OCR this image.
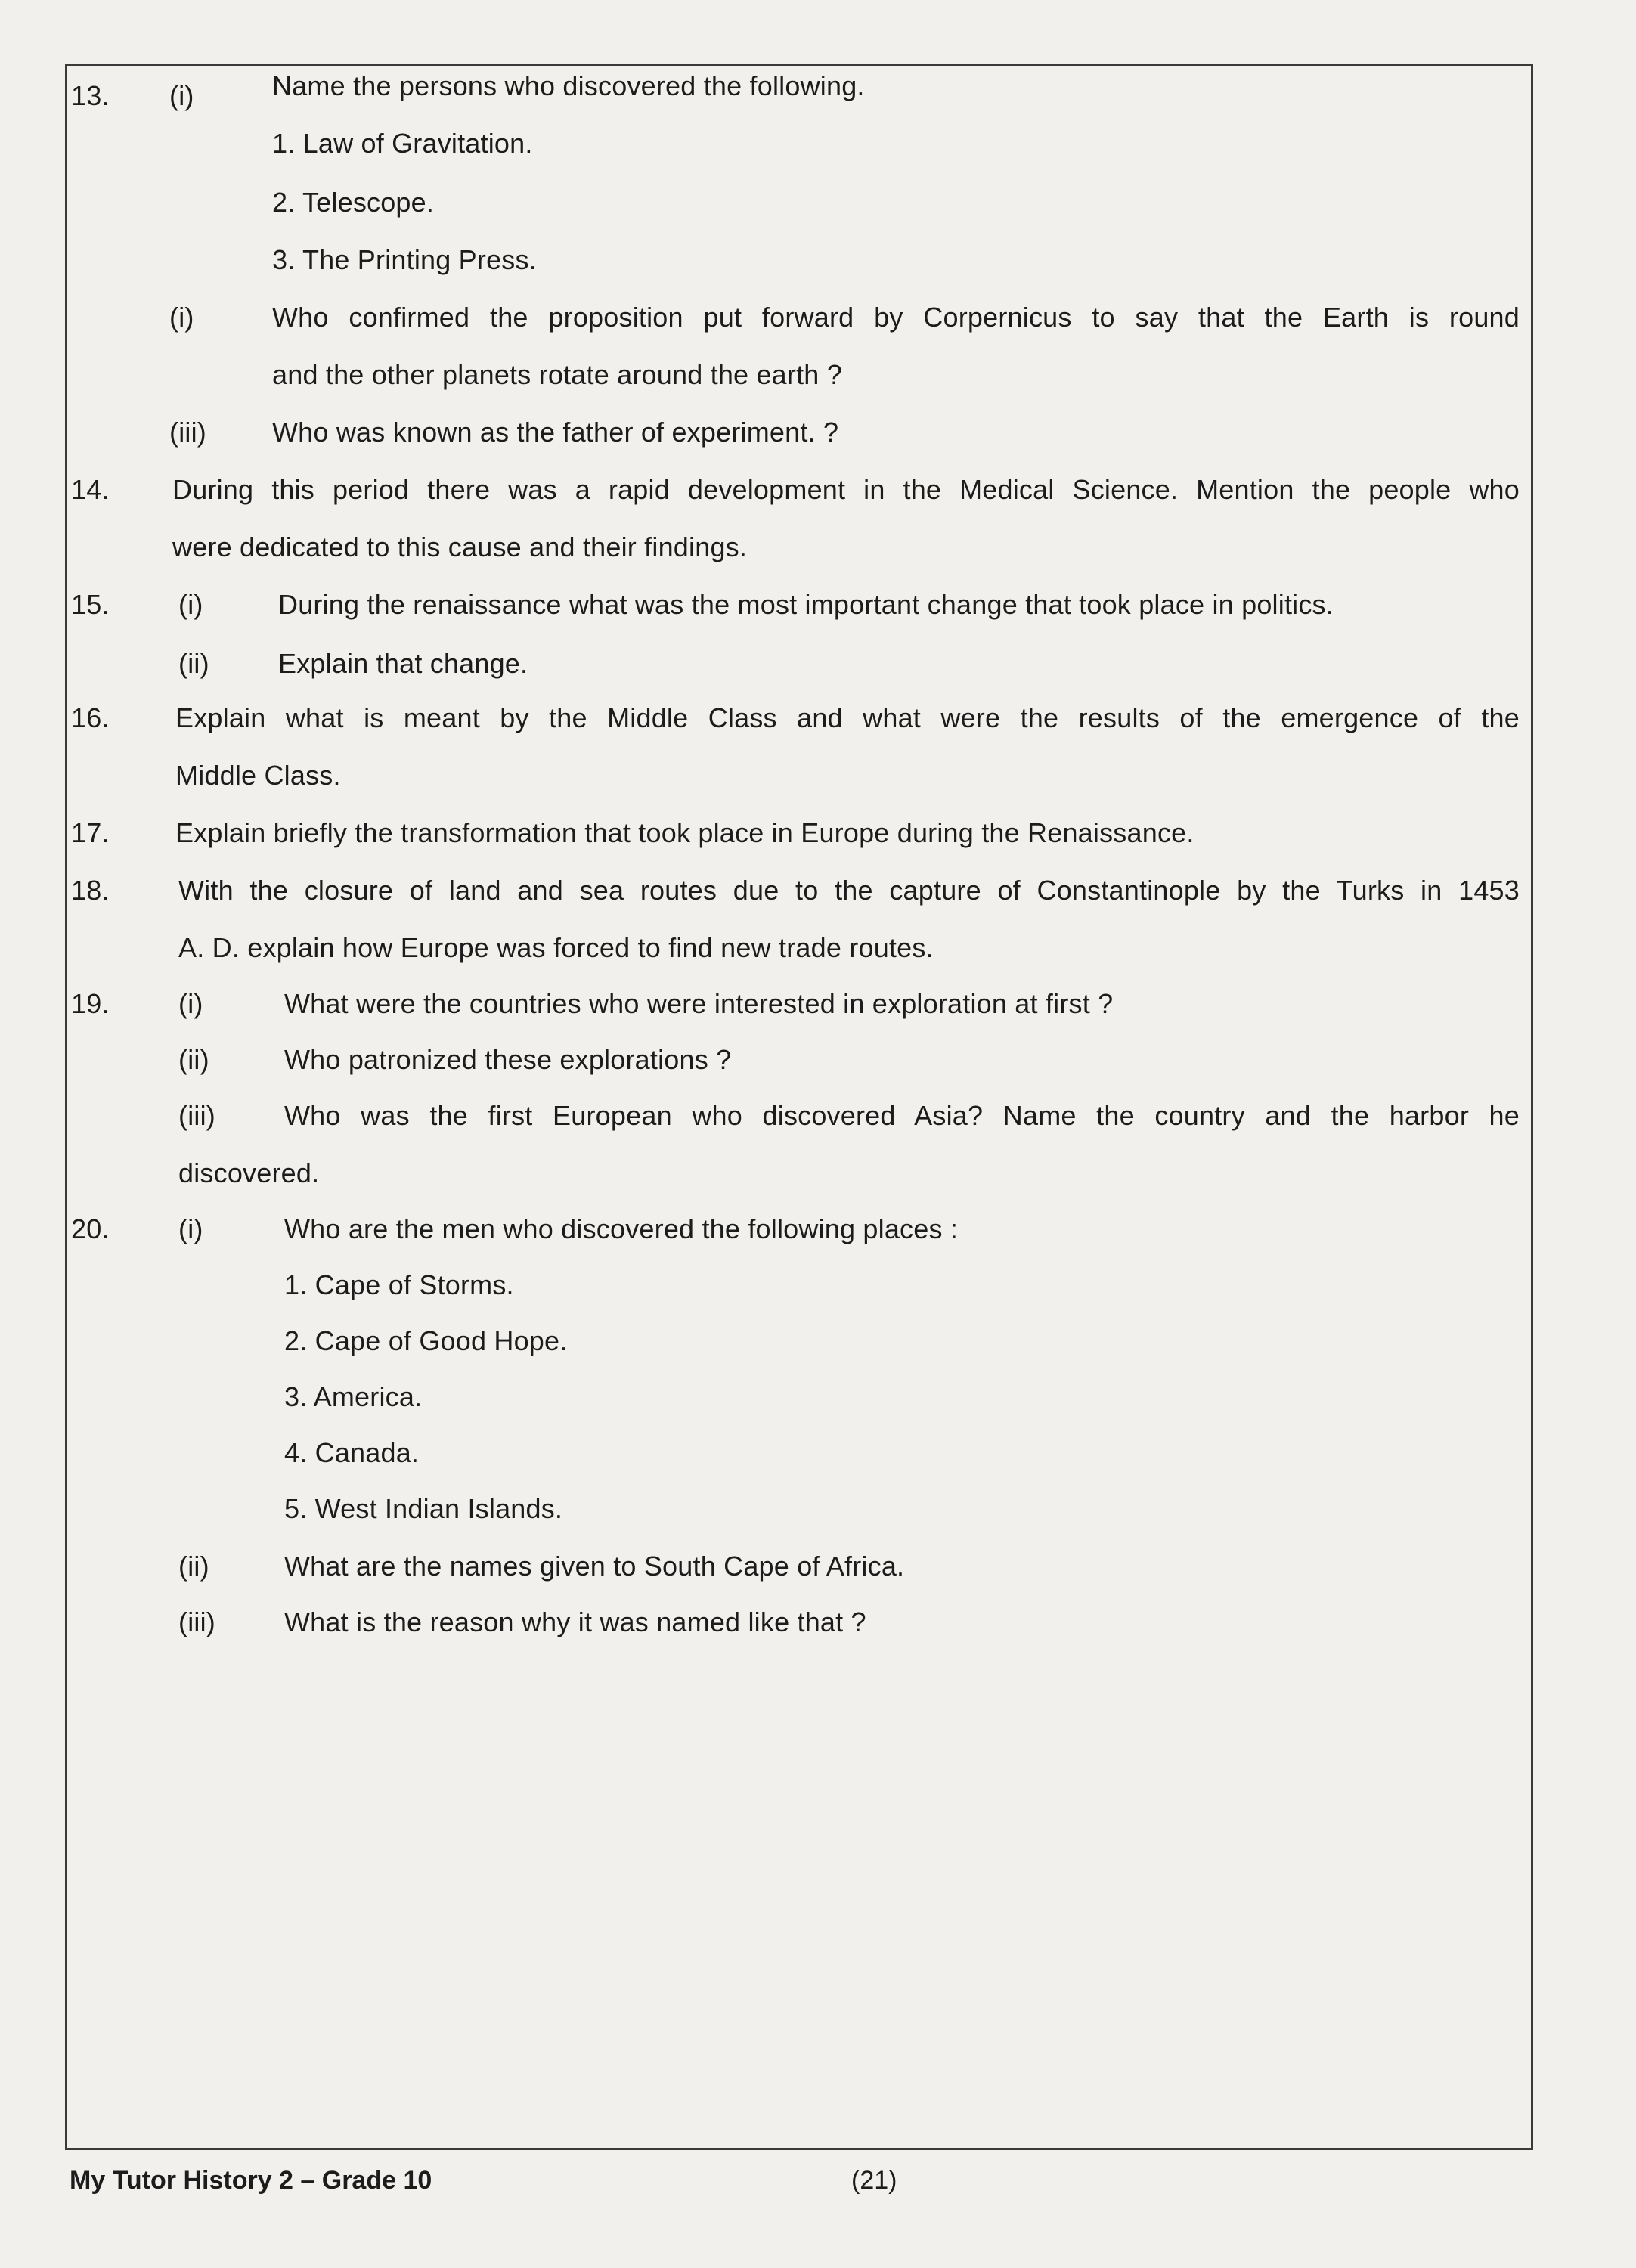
13. (i)	Name the persons who discovered the following.
1. Law of Gravitation.
2. Telescope.
3. The Printing Press.
(i)	Who confirmed the proposition put forward by Corpernicus to say that the Earth is round
and the other planets rotate around the earth ?
(iii) Who was known as the father of experiment. ?
14. During this period there was a rapid development in the Medical Science. Mention the people who
were dedicated to this cause and their findings.
15.	(i)	During the renaissance what was the most important change that took place in politics.
(ii)	Explain that change.
16. Explain what is meant by the Middle Class and what were the results of the emergence of the
Middle Class.
17. Explain briefly the transformation that took place in Europe during the Renaissance.
18.	With the closure of land and sea routes due to the capture of Constantinople by the Turks in 1453
A. D. explain how Europe was forced to find new trade routes.
19.	(i)	What were the countries who were interested in exploration at first ?
(ii)	Who patronized these explorations ?
(iii)	Who was the first European who discovered Asia? Name the country and the harbor he
discovered.
20.	(i)	Who are the men who discovered the following places :
1. Cape of Storms.
2. Cape of Good Hope.
3. America.
4. Canada.
5. West Indian Islands.
(ii)	What are the names given to South Cape of Africa.
(iii)	What is the reason why it was named like that ?
My Tutor History 2 – Grade 10	(21)
